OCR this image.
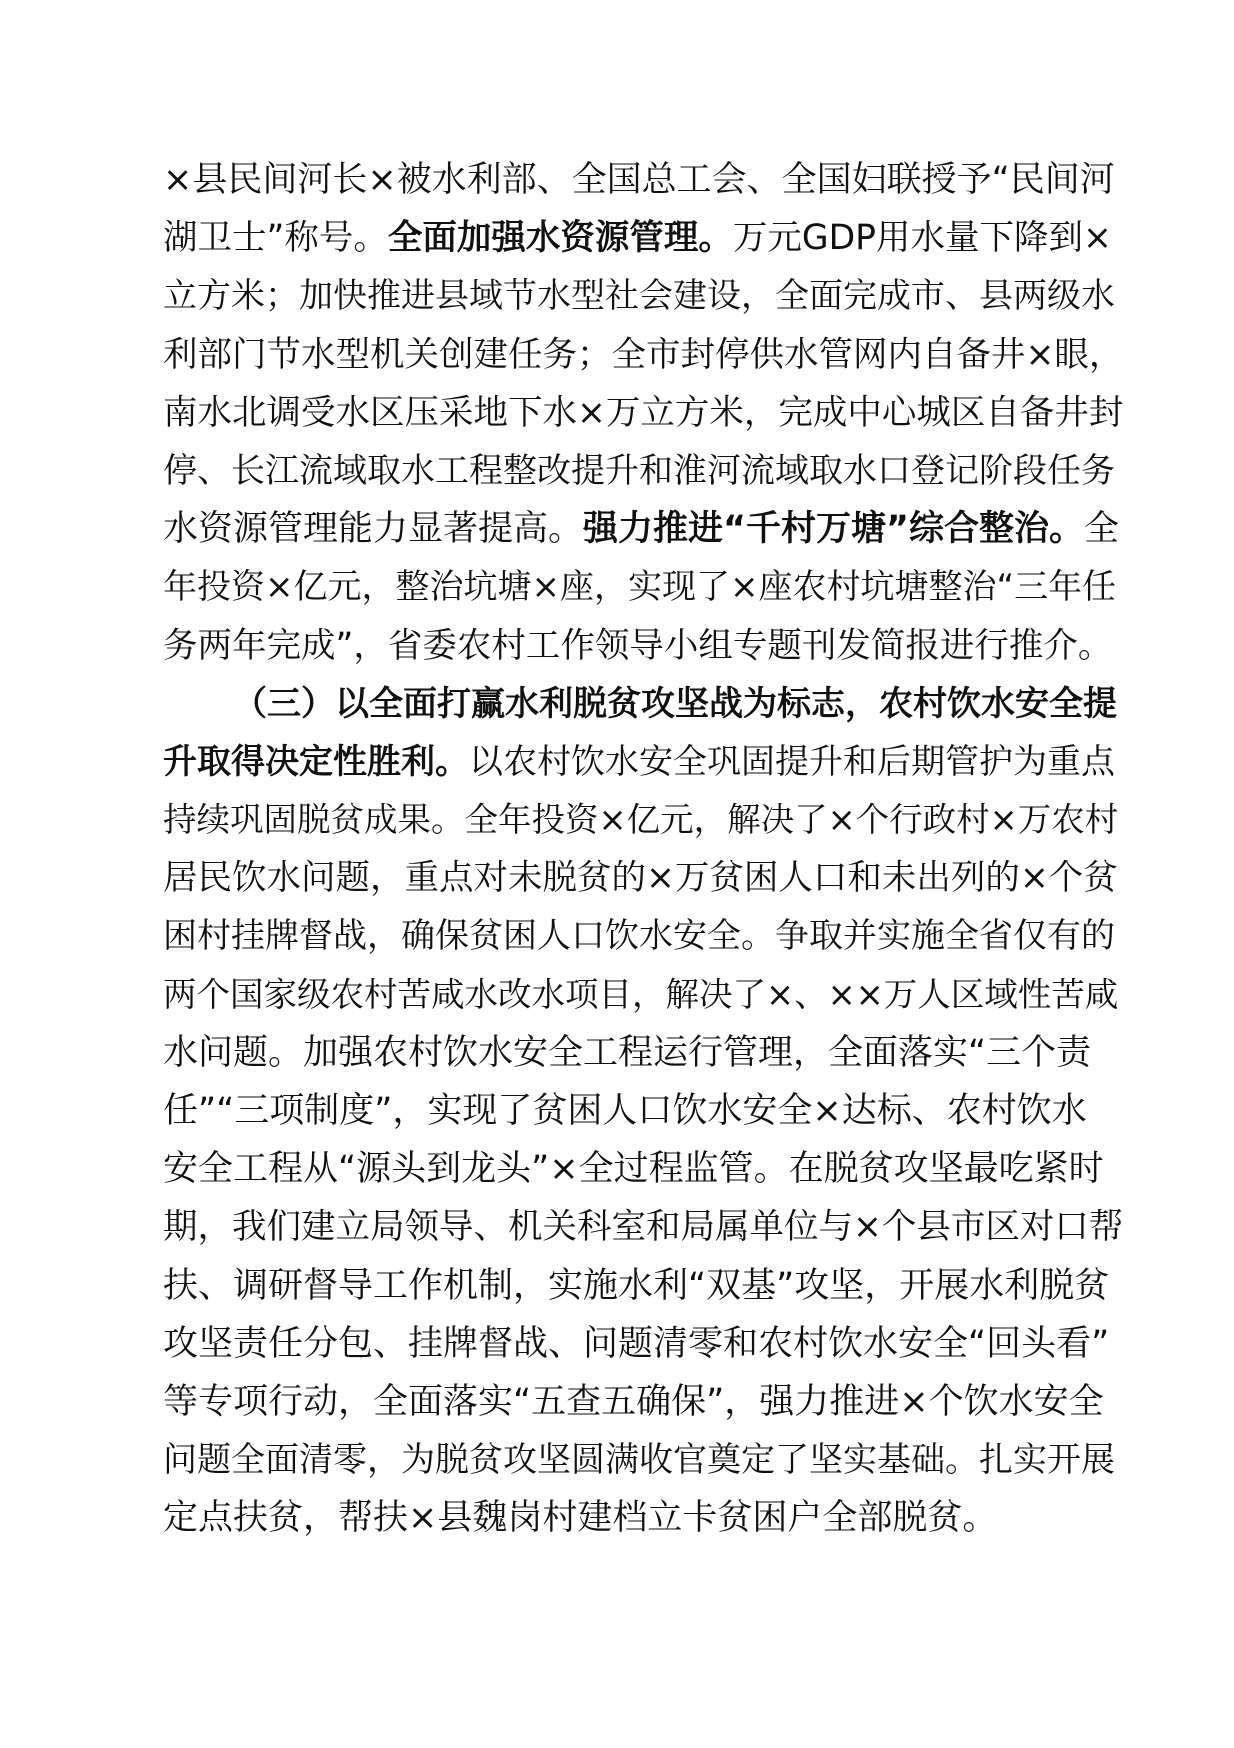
×县民间河长×被水利部、全国总工会、全国妇联授予“民间河
湖卫士”称号。全面加强水资源管理。万元GDP用水量下降到×
立方米；加快推进县域节水型社会建设，全面完成市、县两级水
利部门节水型机关创建任务；全市封停供水管网内自备井×眼，
南水北调受水区压采地下水×万立方米，完成中心城区自备井封
停、长江流域取水工程整改提升和淮河流域取水口登记阶段任务
水资源管理能力显著提高。强力推进“千村万塘”综合整治。全
年投资×亿元，整治坑塘×座，实现了×座农村坑塘整治“三年任
务两年完成”，省委农村工作领导小组专题刊发简报进行推介。
（三）以全面打赢水利脱贫攻坚战为标志，农村饮水安全提
升取得决定性胜利。以农村饮水安全巩固提升和后期管护为重点
持续巩固脱贫成果。全年投资×亿元，解决了×个行政村×万农村
居民饮水问题，重点对未脱贫的×万贫困人口和未出列的×个贫
困村挂牌督战，确保贫困人口饮水安全。争取并实施全省仅有的
两个国家级农村苦咸水改水项目，解决了×、××万人区域性苦咸
水问题。加强农村饮水安全工程运行管理，全面落实“三个责
任”“三项制度”，实现了贫困人口饮水安全×达标、农村饮水
安全工程从“源头到龙头”×全过程监管。在脱贫攻坚最吃紧时
期，我们建立局领导、机关科室和局属单位与×个县市区对口帮
扶、调研督导工作机制，实施水利“双基”攻坚，开展水利脱贫
攻坚责任分包、挂牌督战、问题清零和农村饮水安全“回头看”
等专项行动，全面落实“五查五确保”，强力推进×个饮水安全
问题全面清零，为脱贫攻坚圆满收官奠定了坚实基础。扎实开展
定点扶贫，帮扶×县魏岗村建档立卡贫困户全部脱贫。
